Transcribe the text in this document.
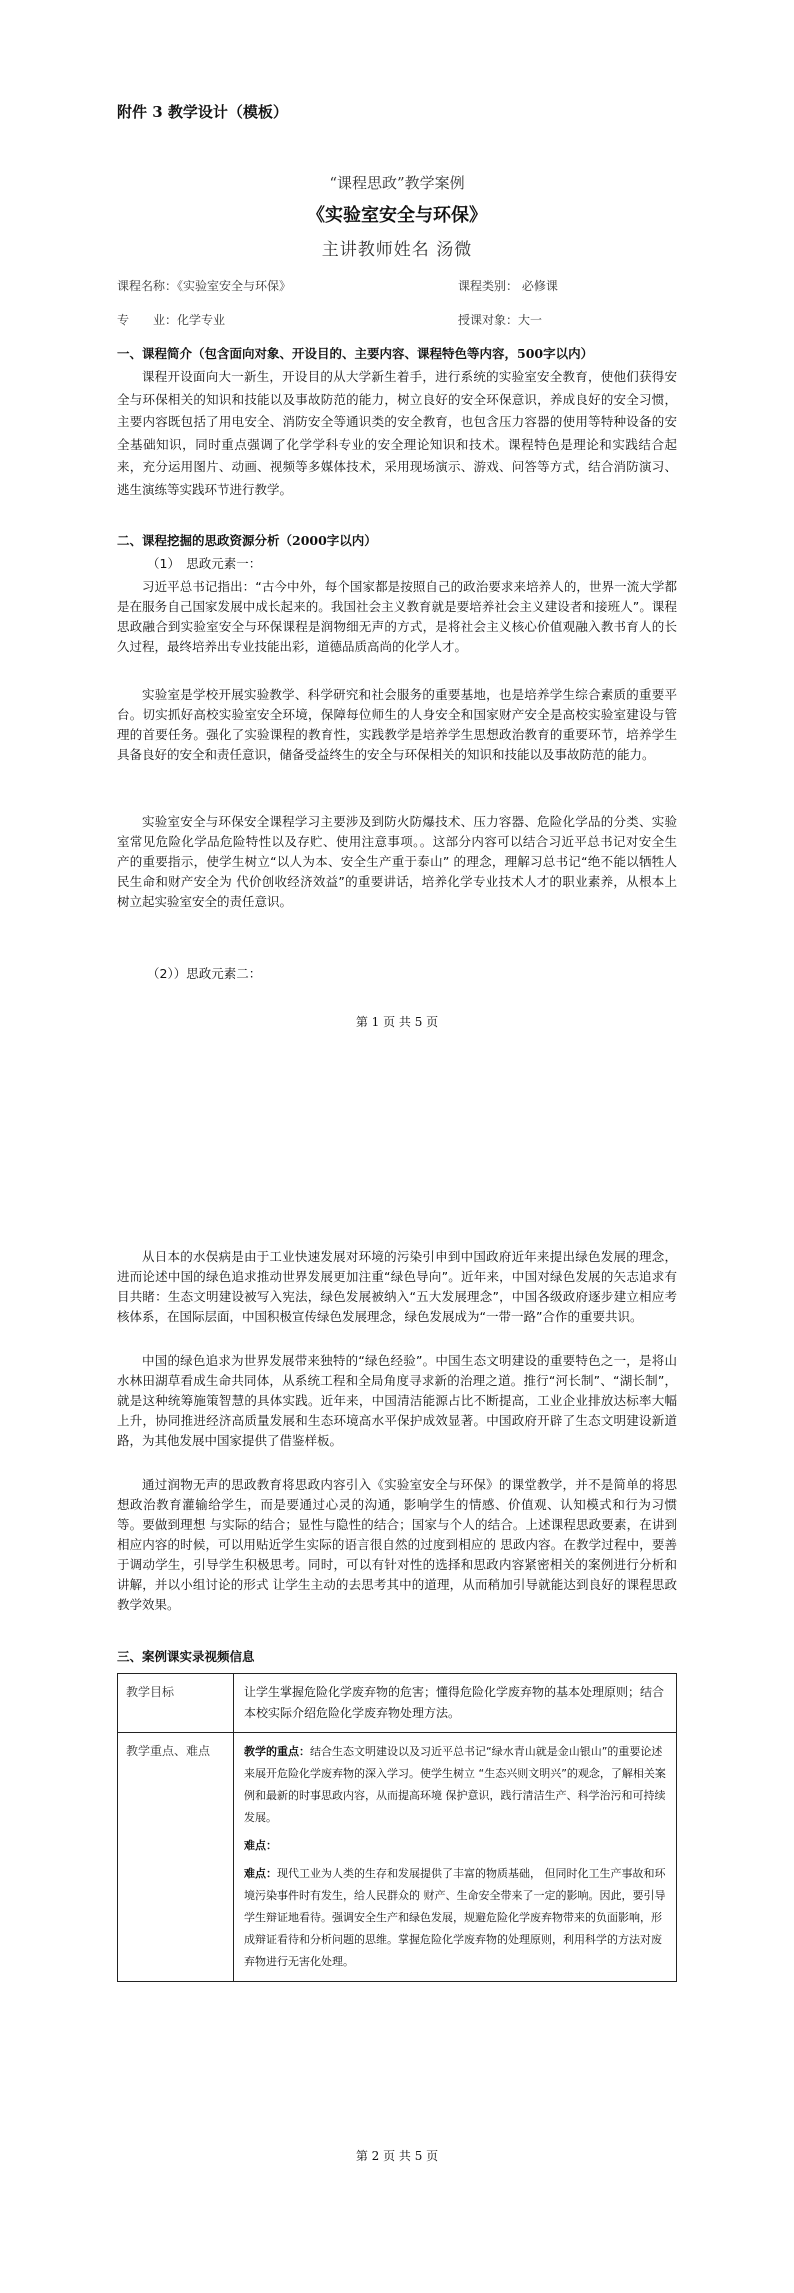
附件 3 教学设计（模板）

“课程思政”教学案例

《实验室安全与环保》

主讲教师姓名 汤微

课程名称：《实验室安全与环保》	课程类别： 必修课

专　　业：化学专业	授课对象：大一

一、课程简介（包含面向对象、开设目的、主要内容、课程特色等内容，500字以内）

课程开设面向大一新生，开设目的从大学新生着手，进行系统的实验室安全教育，使他们获得安全与环保相关的知识和技能以及事故防范的能力，树立良好的安全环保意识，养成良好的安全习惯，主要内容既包括了用电安全、消防安全等通识类的安全教育，也包含压力容器的使用等特种设备的安全基础知识，同时重点强调了化学学科专业的安全理论知识和技术。课程特色是理论和实践结合起来，充分运用图片、动画、视频等多媒体技术，采用现场演示、游戏、问答等方式，结合消防演习、逃生演练等实践环节进行教学。

二、课程挖掘的思政资源分析（2000字以内）

（1）　思政元素一：

习近平总书记指出：“古今中外，每个国家都是按照自己的政治要求来培养人的，世界一流大学都是在服务自己国家发展中成长起来的。我国社会主义教育就是要培养社会主义建设者和接班人”。课程思政融合到实验室安全与环保课程是润物细无声的方式，是将社会主义核心价值观融入教书育人的长久过程，最终培养出专业技能出彩，道德品质高尚的化学人才。

实验室是学校开展实验教学、科学研究和社会服务的重要基地，也是培养学生综合素质的重要平台。切实抓好高校实验室安全环境，保障每位师生的人身安全和国家财产安全是高校实验室建设与管理的首要任务。强化了实验课程的教育性，实践教学是培养学生思想政治教育的重要环节，培养学生具备良好的安全和责任意识，储备受益终生的安全与环保相关的知识和技能以及事故防范的能力。

实验室安全与环保安全课程学习主要涉及到防火防爆技术、压力容器、危险化学品的分类、实验室常见危险化学品危险特性以及存贮、使用注意事项。。这部分内容可以结合习近平总书记对安全生 产的重要指示，使学生树立“以人为本、安全生产重于泰山” 的理念，理解习总书记“绝不能以牺牲人民生命和财产安全为 代价创收经济效益”的重要讲话，培养化学专业技术人才的职业素养，从根本上树立起实验室安全的责任意识。

（2））思政元素二：

第 1 页 共 5 页

从日本的水俣病是由于工业快速发展对环境的污染引申到中国政府近年来提出绿色发展的理念，进而论述中国的绿色追求推动世界发展更加注重“绿色导向”。近年来，中国对绿色发展的矢志追求有目共睹：生态文明建设被写入宪法，绿色发展被纳入“五大发展理念”，中国各级政府逐步建立相应考核体系，在国际层面，中国积极宣传绿色发展理念，绿色发展成为“一带一路”合作的重要共识。

中国的绿色追求为世界发展带来独特的“绿色经验”。中国生态文明建设的重要特色之一，是将山水林田湖草看成生命共同体，从系统工程和全局角度寻求新的治理之道。推行“河长制”、“湖长制”，就是这种统筹施策智慧的具体实践。近年来，中国清洁能源占比不断提高，工业企业排放达标率大幅上升，协同推进经济高质量发展和生态环境高水平保护成效显著。中国政府开辟了生态文明建设新道路，为其他发展中国家提供了借鉴样板。

通过润物无声的思政教育将思政内容引入《实验室安全与环保》的课堂教学，并不是简单的将思想政治教育灌输给学生，而是要通过心灵的沟通，影响学生的情感、价值观、认知模式和行为习惯等。要做到理想 与实际的结合；显性与隐性的结合；国家与个人的结合。上述课程思政要素，在讲到相应内容的时候，可以用贴近学生实际的语言很自然的过度到相应的 思政内容。在教学过程中，要善于调动学生，引导学生积极思考。同时，可以有针对性的选择和思政内容紧密相关的案例进行分析和讲解，并以小组讨论的形式 让学生主动的去思考其中的道理，从而稍加引导就能达到良好的课程思政教学效果。

三、案例课实录视频信息

教学目标	让学生掌握危险化学废弃物的危害；懂得危险化学废弃物的基本处理原则；结合本校实际介绍危险化学废弃物处理方法。
教学重点、难点	教学的重点：结合生态文明建设以及习近平总书记“绿水青山就是金山银山”的重要论述来展开危险化学废弃物的深入学习。使学生树立 “生态兴则文明兴”的观念，了解相关案例和最新的时事思政内容，从而提高环境 保护意识，践行清洁生产、科学治污和可持续发展。
难点：
难点：现代工业为人类的生存和发展提供了丰富的物质基础， 但同时化工生产事故和环境污染事件时有发生，给人民群众的 财产、生命安全带来了一定的影响。因此，要引导学生辩证地看待。强调安全生产和绿色发展，规避危险化学废弃物带来的负面影响，形成辩证看待和分析问题的思维。掌握危险化学废弃物的处理原则，利用科学的方法对废弃物进行无害化处理。

第 2 页 共 5 页
